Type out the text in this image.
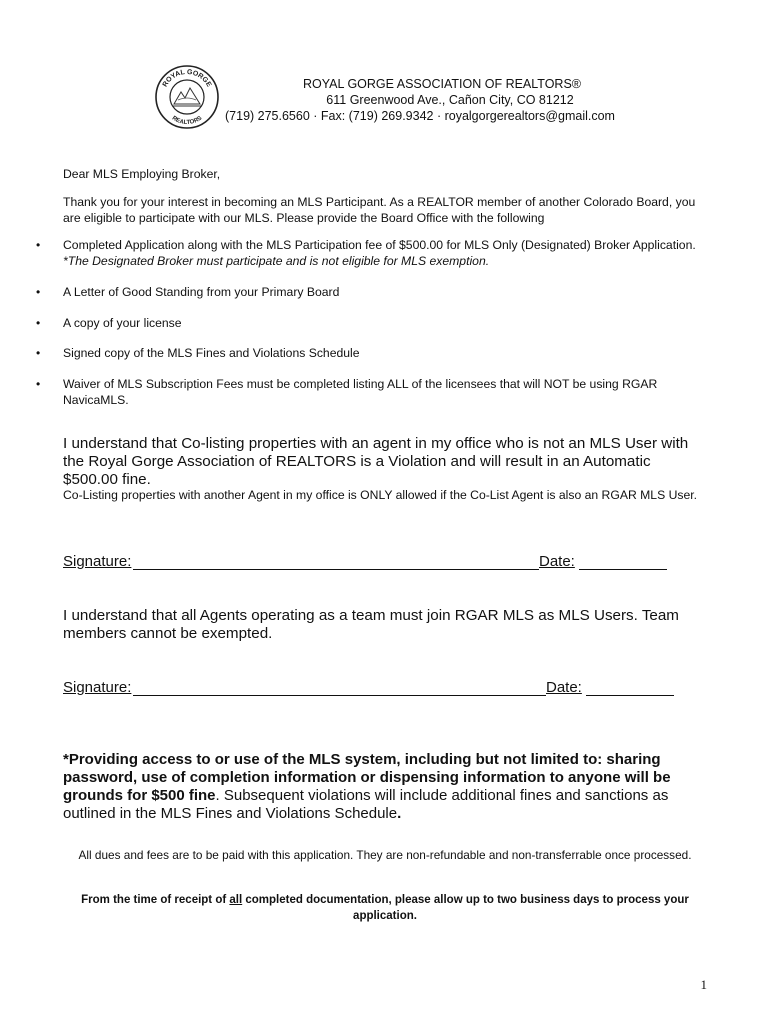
ROYAL GORGE
REALTORS
ROYAL GORGE ASSOCIATION OF REALTORS®
611 Greenwood Ave., Cañon City, CO 81212
(719) 275.6560 · Fax: (719) 269.9342 · royalgorgerealtors@gmail.com
Dear MLS Employing Broker,
Thank you for your interest in becoming an MLS Participant. As a REALTOR member of another Colorado Board, you are eligible to participate with our MLS. Please provide the Board Office with the following
• Completed Application along with the MLS Participation fee of $500.00 for MLS Only (Designated) Broker Application. *The Designated Broker must participate and is not eligible for MLS exemption.
• A Letter of Good Standing from your Primary Board
• A copy of your license
• Signed copy of the MLS Fines and Violations Schedule
• Waiver of MLS Subscription Fees must be completed listing ALL of the licensees that will NOT be using RGAR NavicaMLS.
I understand that Co-listing properties with an agent in my office who is not an MLS User with the Royal Gorge Association of REALTORS is a Violation and will result in an Automatic $500.00 fine.
Co-Listing properties with another Agent in my office is ONLY allowed if the Co-List Agent is also an RGAR MLS User.
Signature:	Date:
I understand that all Agents operating as a team must join RGAR MLS as MLS Users. Team members cannot be exempted.
Signature:	Date:
*Providing access to or use of the MLS system, including but not limited to: sharing password, use of completion information or dispensing information to anyone will be grounds for $500 fine. Subsequent violations will include additional fines and sanctions as outlined in the MLS Fines and Violations Schedule.
All dues and fees are to be paid with this application. They are non-refundable and non-transferrable once processed.
From the time of receipt of all completed documentation, please allow up to two business days to process your application.
1
